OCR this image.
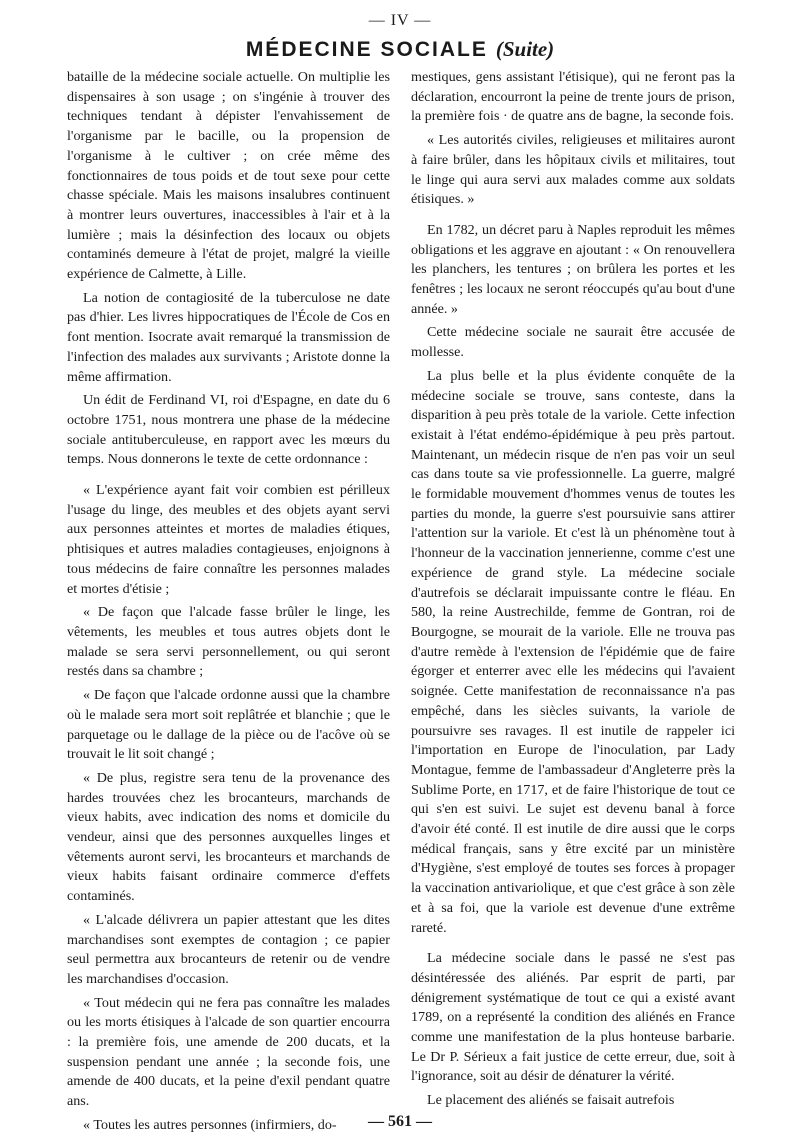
— IV —
MÉDECINE SOCIALE (Suite)

bataille de la médecine sociale actuelle. On multiplie les dispensaires à son usage ; on s'ingénie à trouver des techniques tendant à dépister l'envahissement de l'organisme par le bacille, ou la propension de l'organisme à le cultiver ; on crée même des fonctionnaires de tous poids et de tout sexe pour cette chasse spéciale. Mais les maisons insalubres continuent à montrer leurs ouvertures, inaccessibles à l'air et à la lumière ; mais la désinfection des locaux ou objets contaminés demeure à l'état de projet, malgré la vieille expérience de Calmette, à Lille.

La notion de contagiosité de la tuberculose ne date pas d'hier. Les livres hippocratiques de l'École de Cos en font mention. Isocrate avait remarqué la transmission de l'infection des malades aux survivants ; Aristote donne la même affirmation.

Un édit de Ferdinand VI, roi d'Espagne, en date du 6 octobre 1751, nous montrera une phase de la médecine sociale antituberculeuse, en rapport avec les mœurs du temps. Nous donnerons le texte de cette ordonnance :

« L'expérience ayant fait voir combien est périlleux l'usage du linge, des meubles et des objets ayant servi aux personnes atteintes et mortes de maladies étiques, phtisiques et autres maladies contagieuses, enjoignons à tous médecins de faire connaître les personnes malades et mortes d'étisie ;

« De façon que l'alcade fasse brûler le linge, les vêtements, les meubles et tous autres objets dont le malade se sera servi personnellement, ou qui seront restés dans sa chambre ;

« De façon que l'alcade ordonne aussi que la chambre où le malade sera mort soit replâtrée et blanchie ; que le parquetage ou le dallage de la pièce ou de l'acôve où se trouvait le lit soit changé ;

« De plus, registre sera tenu de la provenance des hardes trouvées chez les brocanteurs, marchands de vieux habits, avec indication des noms et domicile du vendeur, ainsi que des personnes auxquelles linges et vêtements auront servi, les brocanteurs et marchands de vieux habits faisant ordinaire commerce d'effets contaminés.

« L'alcade délivrera un papier attestant que les dites marchandises sont exemptes de contagion ; ce papier seul permettra aux brocanteurs de retenir ou de vendre les marchandises d'occasion.

« Tout médecin qui ne fera pas connaître les malades ou les morts étisiques à l'alcade de son quartier encourra : la première fois, une amende de 200 ducats, et la suspension pendant une année ; la seconde fois, une amende de 400 ducats, et la peine d'exil pendant quatre ans.

« Toutes les autres personnes (infirmiers, do-

mestiques, gens assistant l'étisique), qui ne feront pas la déclaration, encourront la peine de trente jours de prison, la première fois · de quatre ans de bagne, la seconde fois.

« Les autorités civiles, religieuses et militaires auront à faire brûler, dans les hôpitaux civils et militaires, tout le linge qui aura servi aux malades comme aux soldats étisiques. »

En 1782, un décret paru à Naples reproduit les mêmes obligations et les aggrave en ajoutant : « On renouvellera les planchers, les tentures ; on brûlera les portes et les fenêtres ; les locaux ne seront réoccupés qu'au bout d'une année. »

Cette médecine sociale ne saurait être accusée de mollesse.

La plus belle et la plus évidente conquête de la médecine sociale se trouve, sans conteste, dans la disparition à peu près totale de la variole. Cette infection existait à l'état endémo-épidémique à peu près partout. Maintenant, un médecin risque de n'en pas voir un seul cas dans toute sa vie professionnelle. La guerre, malgré le formidable mouvement d'hommes venus de toutes les parties du monde, la guerre s'est poursuivie sans attirer l'attention sur la variole. Et c'est là un phénomène tout à l'honneur de la vaccination jennerienne, comme c'est une expérience de grand style. La médecine sociale d'autrefois se déclarait impuissante contre le fléau. En 580, la reine Austrechilde, femme de Gontran, roi de Bourgogne, se mourait de la variole. Elle ne trouva pas d'autre remède à l'extension de l'épidémie que de faire égorger et enterrer avec elle les médecins qui l'avaient soignée. Cette manifestation de reconnaissance n'a pas empêché, dans les siècles suivants, la variole de poursuivre ses ravages. Il est inutile de rappeler ici l'importation en Europe de l'inoculation, par Lady Montague, femme de l'ambassadeur d'Angleterre près la Sublime Porte, en 1717, et de faire l'historique de tout ce qui s'en est suivi. Le sujet est devenu banal à force d'avoir été conté. Il est inutile de dire aussi que le corps médical français, sans y être excité par un ministère d'Hygiène, s'est employé de toutes ses forces à propager la vaccination antivariolique, et que c'est grâce à son zèle et à sa foi, que la variole est devenue d'une extrême rareté.

La médecine sociale dans le passé ne s'est pas désintéressée des aliénés. Par esprit de parti, par dénigrement systématique de tout ce qui a existé avant 1789, on a représenté la condition des aliénés en France comme une manifestation de la plus honteuse barbarie. Le Dr P. Sérieux a fait justice de cette erreur, due, soit à l'ignorance, soit au désir de dénaturer la vérité.

Le placement des aliénés se faisait autrefois

— 561 —
